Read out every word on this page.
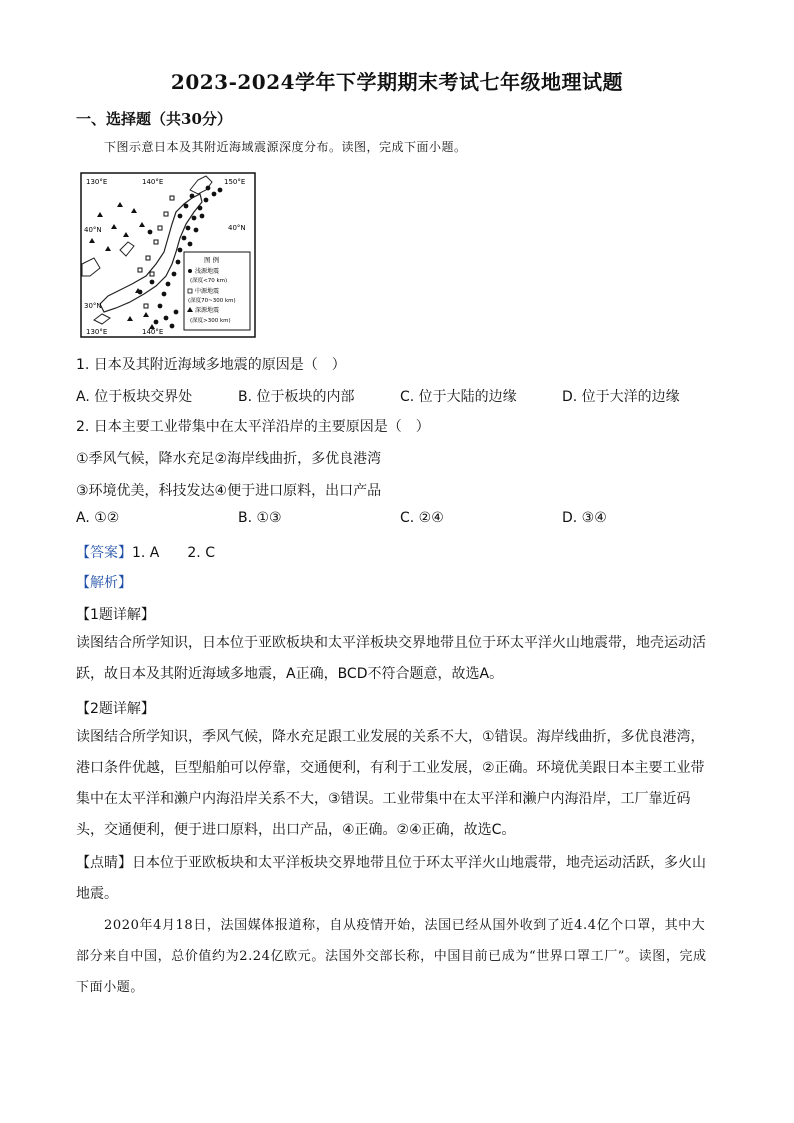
2023-2024学年下学期期末考试七年级地理试题
一、选择题（共30分）
下图示意日本及其附近海域震源深度分布。读图，完成下面小题。
130°E	140°E	150°E
130°E	140°E
40°N	40°N
30°N
图 例
浅源地震
(深度<70 km)
中源地震
(深度70~300 km)
深源地震
(深度>300 km)
1. 日本及其附近海域多地震的原因是（　）
A. 位于板块交界处	B. 位于板块的内部	C. 位于大陆的边缘	D. 位于大洋的边缘
2. 日本主要工业带集中在太平洋沿岸的主要原因是（　）
①季风气候，降水充足②海岸线曲折，多优良港湾
③环境优美，科技发达④便于进口原料，出口产品
A. ①②	B. ①③	C. ②④	D. ③④
【答案】1. A　　2. C
【解析】
【1题详解】
读图结合所学知识，日本位于亚欧板块和太平洋板块交界地带且位于环太平洋火山地震带，地壳运动活跃，故日本及其附近海域多地震，A正确，BCD不符合题意，故选A。
【2题详解】
读图结合所学知识，季风气候，降水充足跟工业发展的关系不大，①错误。海岸线曲折，多优良港湾，港口条件优越，巨型船舶可以停靠，交通便利，有利于工业发展，②正确。环境优美跟日本主要工业带集中在太平洋和濑户内海沿岸关系不大，③错误。工业带集中在太平洋和濑户内海沿岸，工厂靠近码头，交通便利，便于进口原料，出口产品，④正确。②④正确，故选C。
【点睛】日本位于亚欧板块和太平洋板块交界地带且位于环太平洋火山地震带，地壳运动活跃，多火山地震。
2020年4月18日，法国媒体报道称，自从疫情开始，法国已经从国外收到了近4.4亿个口罩，其中大部分来自中国，总价值约为2.24亿欧元。法国外交部长称，中国目前已成为“世界口罩工厂”。读图，完成下面小题。
